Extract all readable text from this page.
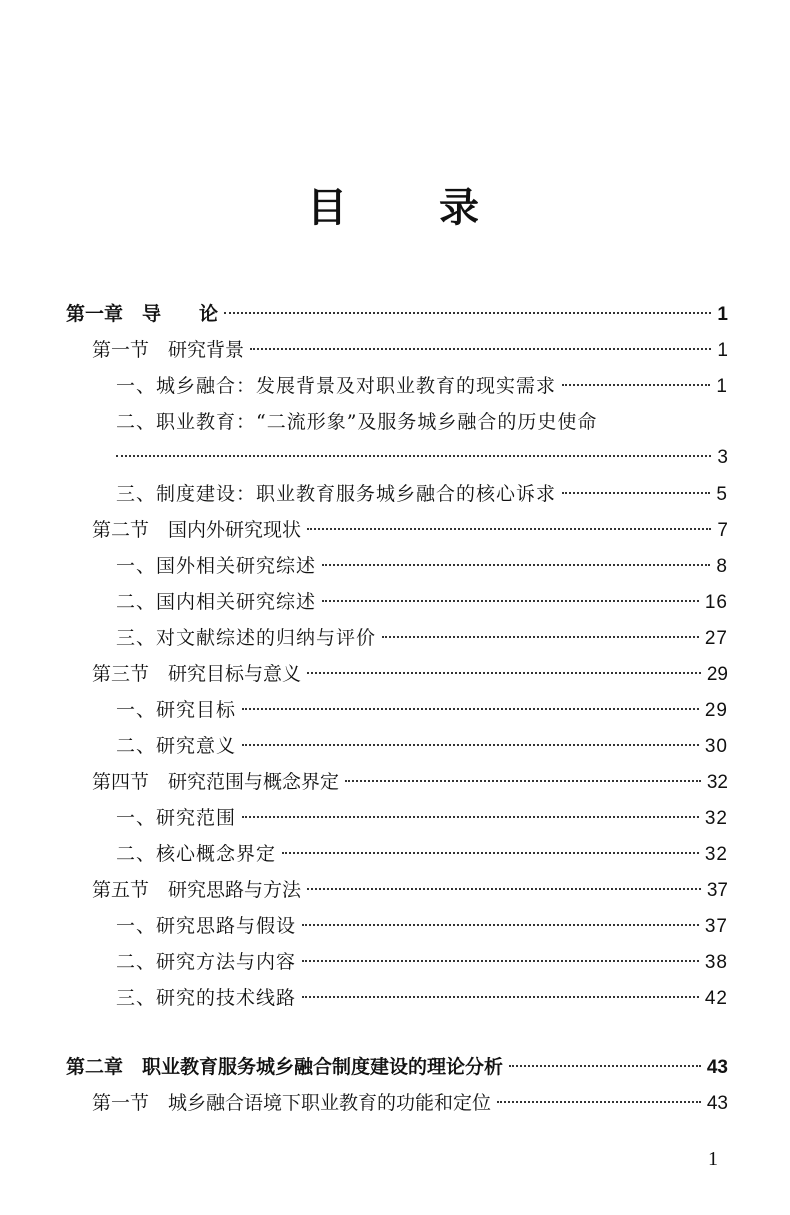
目　　录
第一章　导　　论	1
第一节　研究背景	1
一、城乡融合：发展背景及对职业教育的现实需求	1
二、职业教育：“二流形象”及服务城乡融合的历史使命
3
三、制度建设：职业教育服务城乡融合的核心诉求	5
第二节　国内外研究现状	7
一、国外相关研究综述	8
二、国内相关研究综述	16
三、对文献综述的归纳与评价	27
第三节　研究目标与意义	29
一、研究目标	29
二、研究意义	30
第四节　研究范围与概念界定	32
一、研究范围	32
二、核心概念界定	32
第五节　研究思路与方法	37
一、研究思路与假设	37
二、研究方法与内容	38
三、研究的技术线路	42
第二章　职业教育服务城乡融合制度建设的理论分析	43
第一节　城乡融合语境下职业教育的功能和定位	43
1
